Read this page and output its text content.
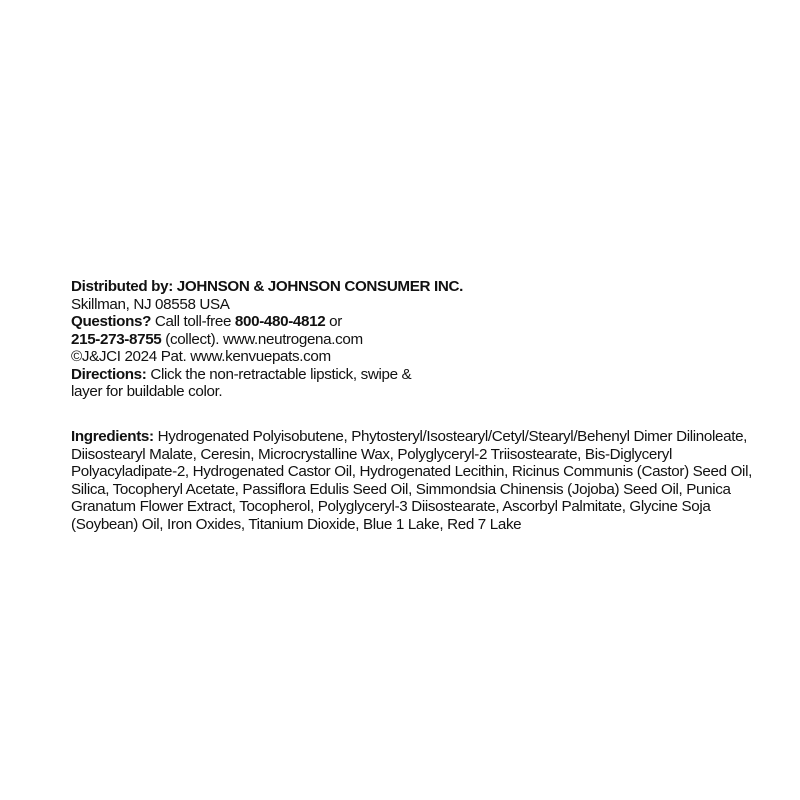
Distributed by: JOHNSON & JOHNSON CONSUMER INC.
Skillman, NJ 08558 USA
Questions? Call toll-free 800-480-4812 or
215-273-8755 (collect). www.neutrogena.com
©J&JCI 2024 Pat. www.kenvuepats.com
Directions: Click the non-retractable lipstick, swipe &
layer for buildable color.
Ingredients: Hydrogenated Polyisobutene, Phytosteryl/Isostearyl/Cetyl/Stearyl/Behenyl Dimer Dilinoleate,
Diisostearyl Malate, Ceresin, Microcrystalline Wax, Polyglyceryl-2 Triisostearate, Bis-Diglyceryl
Polyacyladipate-2, Hydrogenated Castor Oil, Hydrogenated Lecithin, Ricinus Communis (Castor) Seed Oil,
Silica, Tocopheryl Acetate, Passiflora Edulis Seed Oil, Simmondsia Chinensis (Jojoba) Seed Oil, Punica
Granatum Flower Extract, Tocopherol, Polyglyceryl-3 Diisostearate, Ascorbyl Palmitate, Glycine Soja
(Soybean) Oil, Iron Oxides, Titanium Dioxide, Blue 1 Lake, Red 7 Lake
